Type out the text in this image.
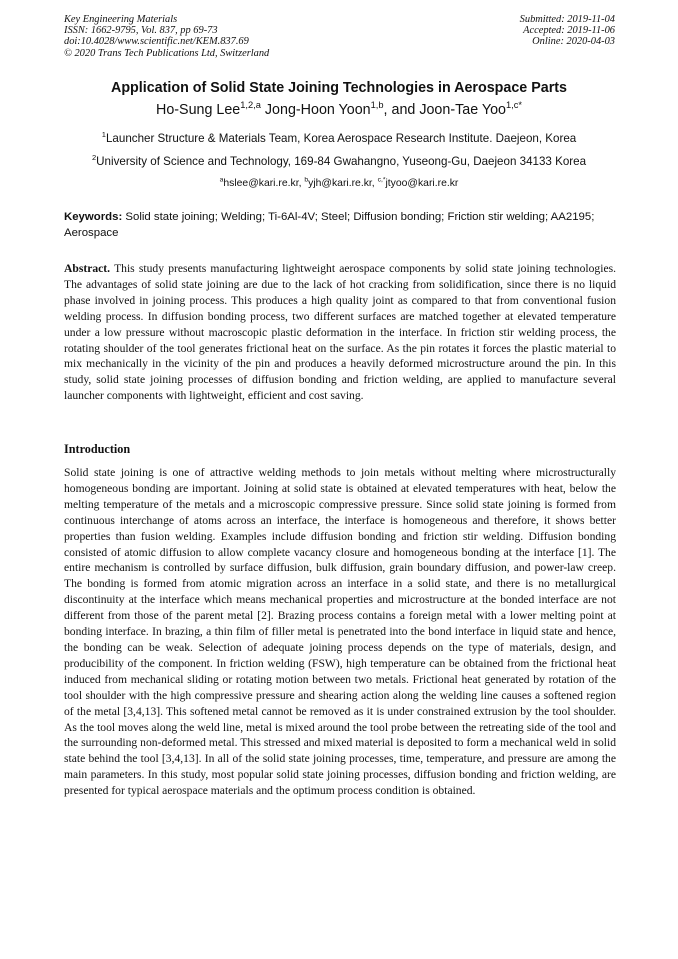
Key Engineering Materials
ISSN: 1662-9795, Vol. 837, pp 69-73
doi:10.4028/www.scientific.net/KEM.837.69
© 2020 Trans Tech Publications Ltd, Switzerland
Submitted: 2019-11-04
Accepted: 2019-11-06
Online: 2020-04-03
Application of Solid State Joining Technologies in Aerospace Parts
Ho-Sung Lee$^{1,2,a}$ Jong-Hoon Yoon$^{1,b}$, and Joon-Tae Yoo$^{1,c*}$
$^1$Launcher Structure & Materials Team, Korea Aerospace Research Institute. Daejeon, Korea
$^2$University of Science and Technology, 169-84 Gwahangno, Yuseong-Gu, Daejeon 34133 Korea
$^a$hslee@kari.re.kr, $^b$yjh@kari.re.kr, $^{c,*}$jtyoo@kari.re.kr
Keywords: Solid state joining; Welding; Ti-6Al-4V; Steel; Diffusion bonding; Friction stir welding; AA2195; Aerospace

Abstract. This study presents manufacturing lightweight aerospace components by solid state joining technologies. The advantages of solid state joining are due to the lack of hot cracking from solidification, since there is no liquid phase involved in joining process. This produces a high quality joint as compared to that from conventional fusion welding process. In diffusion bonding process, two different surfaces are matched together at elevated temperature under a low pressure without macroscopic plastic deformation in the interface. In friction stir welding process, the rotating shoulder of the tool generates frictional heat on the surface. As the pin rotates it forces the plastic material to mix mechanically in the vicinity of the pin and produces a heavily deformed microstructure around the pin. In this study, solid state joining processes of diffusion bonding and friction welding, are applied to manufacture several launcher components with lightweight, efficient and cost saving.

Introduction

Solid state joining is one of attractive welding methods to join metals without melting where microstructurally homogeneous bonding are important. Joining at solid state is obtained at elevated temperatures with heat, below the melting temperature of the metals and a microscopic compressive pressure. Since solid state joining is formed from continuous interchange of atoms across an interface, the interface is homogeneous and therefore, it shows better properties than fusion welding. Examples include diffusion bonding and friction stir welding. Diffusion bonding consisted of atomic diffusion to allow complete vacancy closure and homogeneous bonding at the interface [1]. The entire mechanism is controlled by surface diffusion, bulk diffusion, grain boundary diffusion, and power-law creep. The bonding is formed from atomic migration across an interface in a solid state, and there is no metallurgical discontinuity at the interface which means mechanical properties and microstructure at the bonded interface are not different from those of the parent metal [2]. Brazing process contains a foreign metal with a lower melting point at bonding interface. In brazing, a thin film of filler metal is penetrated into the bond interface in liquid state and hence, the bonding can be weak. Selection of adequate joining process depends on the type of materials, design, and producibility of the component. In friction welding (FSW), high temperature can be obtained from the frictional heat induced from mechanical sliding or rotating motion between two metals. Frictional heat generated by rotation of the tool shoulder with the high compressive pressure and shearing action along the welding line causes a softened region of the metal [3,4,13]. This softened metal cannot be removed as it is under constrained extrusion by the tool shoulder. As the tool moves along the weld line, metal is mixed around the tool probe between the retreating side of the tool and the surrounding non-deformed metal. This stressed and mixed material is deposited to form a mechanical weld in solid state behind the tool [3,4,13]. In all of the solid state joining processes, time, temperature, and pressure are among the main parameters. In this study, most popular solid state joining processes, diffusion bonding and friction welding, are presented for typical aerospace materials and the optimum process condition is obtained.
